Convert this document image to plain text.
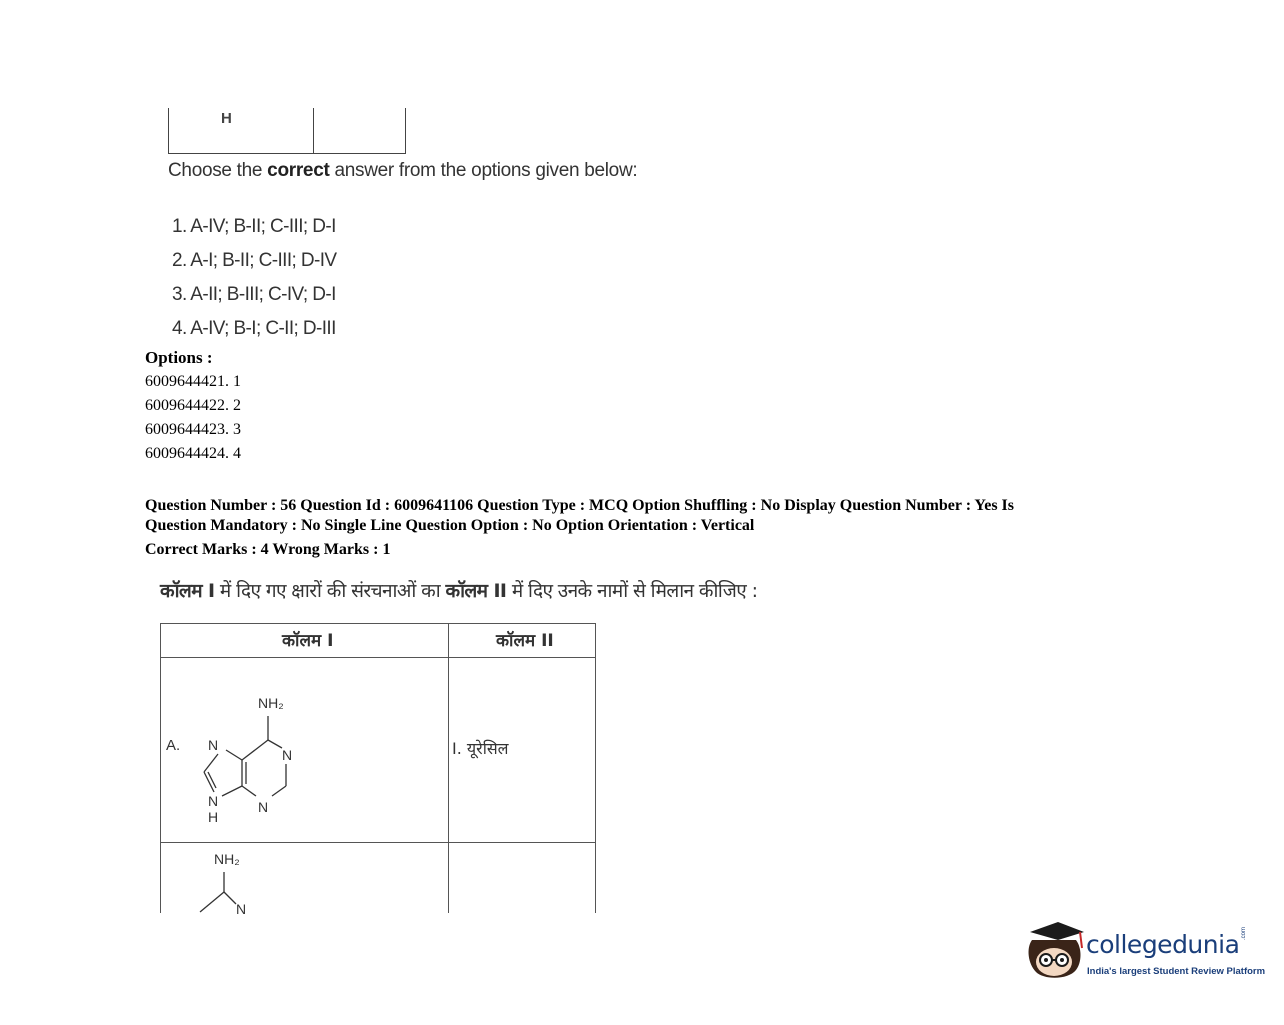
H
Choose the correct answer from the options given below:
1. A-IV; B-II; C-III; D-I
2. A-I; B-II; C-III; D-IV
3. A-II; B-III; C-IV; D-I
4. A-IV; B-I; C-II; D-III
Options :
6009644421. 1
6009644422. 2
6009644423. 3
6009644424. 4
Question Number : 56 Question Id : 6009641106 Question Type : MCQ Option Shuffling : No Display Question Number : Yes Is
Question Mandatory : No Single Line Question Option : No Option Orientation : Vertical
Correct Marks : 4 Wrong Marks : 1
कॉलम I में दिए गए क्षारों की संरचनाओं का कॉलम II में दिए उनके नामों से मिलान कीजिए :
कॉलम I	कॉलम II
A.	I. यूरेसिल
NH₂
N
N
N
N
H
NH₂
N
collegedunia .com
India's largest Student Review Platform
